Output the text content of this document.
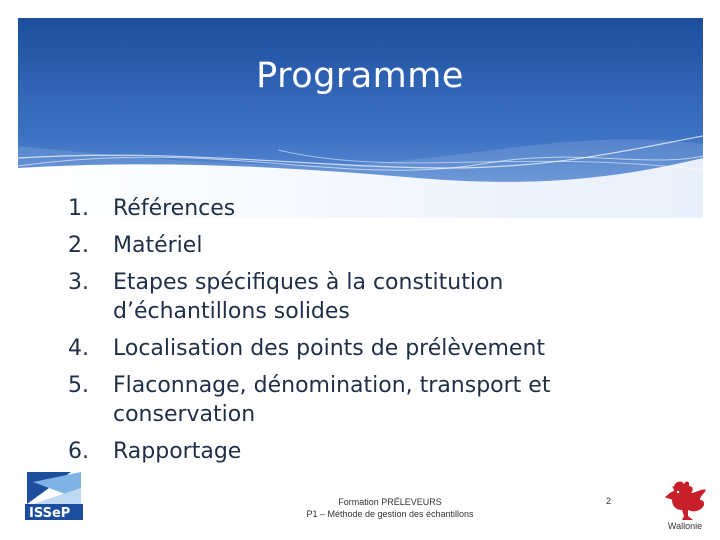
Programme
1.	Références
2.	Matériel
3.	Etapes spécifiques à la constitution d’échantillons solides
4.	Localisation des points de prélèvement
5.	Flaconnage, dénomination, transport et conservation
6.	Rapportage
ISSeP
Formation PRÉLEVEURS
P1 – Méthode de gestion des échantillons
2
Wallonie
